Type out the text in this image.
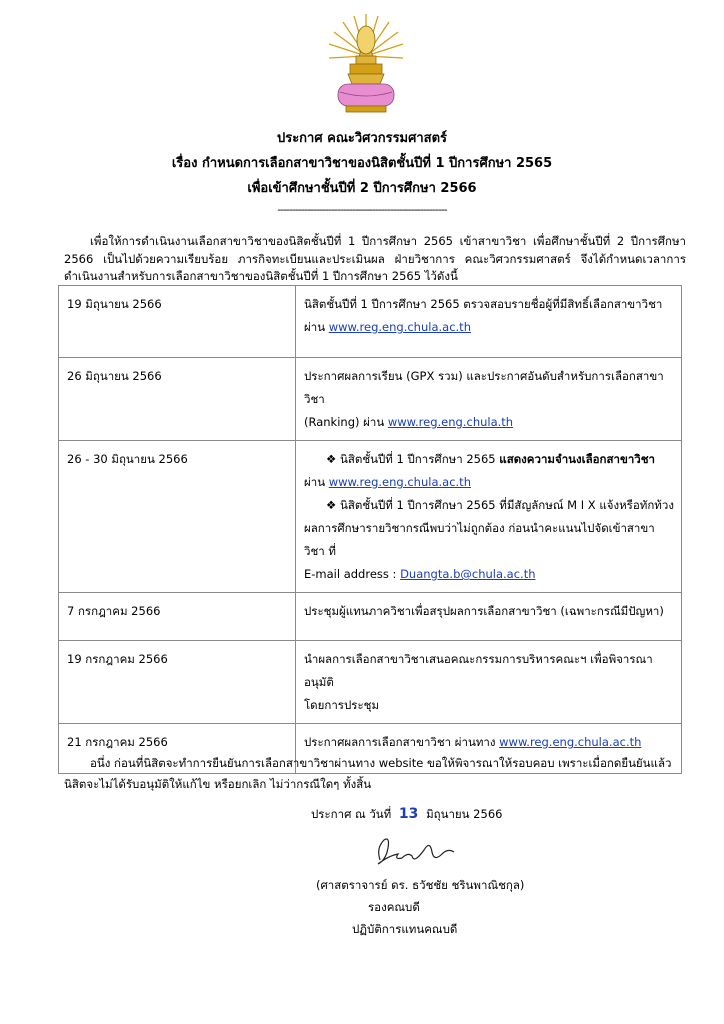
ประกาศ คณะวิศวกรรมศาสตร์
เรื่อง กำหนดการเลือกสาขาวิชาของนิสิตชั้นปีที่ 1 ปีการศึกษา 2565
เพื่อเข้าศึกษาชั้นปีที่ 2 ปีการศึกษา 2566
---------------------------------------------------------
เพื่อให้การดำเนินงานเลือกสาขาวิชาของนิสิตชั้นปีที่ 1 ปีการศึกษา 2565 เข้าสาขาวิชา เพื่อศึกษาชั้นปีที่ 2 ปีการศึกษา 2566 เป็นไปด้วยความเรียบร้อย ภารกิจทะเบียนและประเมินผล ฝ่ายวิชาการ คณะวิศวกรรมศาสตร์ จึงได้กำหนดเวลาการดำเนินงานสำหรับการเลือกสาขาวิชาของนิสิตชั้นปีที่ 1 ปีการศึกษา 2565 ไว้ดังนี้
19 มิถุนายน 2566	นิสิตชั้นปีที่ 1 ปีการศึกษา 2565 ตรวจสอบรายชื่อผู้ที่มีสิทธิ์เลือกสาขาวิชา
ผ่าน www.reg.eng.chula.ac.th

26 มิถุนายน 2566	ประกาศผลการเรียน (GPX รวม) และประกาศอันดับสำหรับการเลือกสาขาวิชา
(Ranking) ผ่าน www.reg.eng.chula.th

26 - 30 มิถุนายน 2566	❖ นิสิตชั้นปีที่ 1 ปีการศึกษา 2565 แสดงความจำนงเลือกสาขาวิชา
ผ่าน www.reg.eng.chula.ac.th
❖ นิสิตชั้นปีที่ 1 ปีการศึกษา 2565 ที่มีสัญลักษณ์ M I X แจ้งหรือทักท้วง
ผลการศึกษารายวิชากรณีพบว่าไม่ถูกต้อง ก่อนนำคะแนนไปจัดเข้าสาขาวิชา ที่
E-mail address : Duangta.b@chula.ac.th

7 กรกฎาคม 2566	ประชุมผู้แทนภาควิชาเพื่อสรุปผลการเลือกสาขาวิชา (เฉพาะกรณีมีปัญหา)

19 กรกฎาคม 2566	นำผลการเลือกสาขาวิชาเสนอคณะกรรมการบริหารคณะฯ เพื่อพิจารณาอนุมัติ
โดยการประชุม

21 กรกฎาคม 2566	ประกาศผลการเลือกสาขาวิชา ผ่านทาง www.reg.eng.chula.ac.th
อนึ่ง ก่อนที่นิสิตจะทำการยืนยันการเลือกสาขาวิชาผ่านทาง website ขอให้พิจารณาให้รอบคอบ เพราะเมื่อกดยืนยันแล้ว นิสิตจะไม่ได้รับอนุมัติให้แก้ไข หรือยกเลิก ไม่ว่ากรณีใดๆ ทั้งสิ้น
ประกาศ ณ วันที่ 13 มิถุนายน 2566
(ศาสตราจารย์ ดร. ธวัชชัย ชรินพาณิชกุล)
รองคณบดี
ปฏิบัติการแทนคณบดี
